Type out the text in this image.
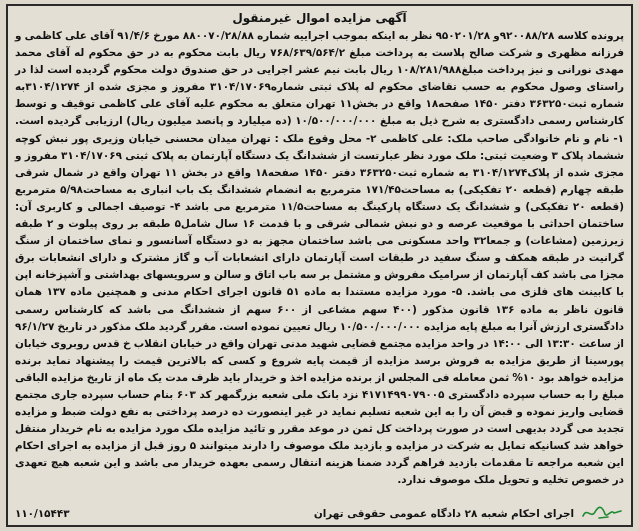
آگهی مزایده اموال غیرمنقول

پرونده کلاسه ۹۲۰۰۸۸/۲۸و ۹۵۰۲۰۱/۲۸ نظر به اینکه بموجب اجراییه شماره ۸۸۰۰۷۰/۲۸/۸۸ مورخ ۹۱/۴/۶ آقای علی کاظمی و فرزانه مظهری و شرکت صالح پلاست به پرداخت مبلغ ۷۶۸/۶۳۹/۵۶۴/۲ ریال بابت محکوم به در حق محکوم له آقای محمد مهدی نورانی و نیز پرداخت مبلغ۱۰۸/۲۸۱/۹۸۸ ریال بابت نیم عشر اجرایی در حق صندوق دولت محکوم گردیده است لذا در راستای وصول محکوم به حسب تقاضای محکوم له پلاک ثبتی شماره۳۱۰۴/۱۷۰۶۹ مفروز و مجزی شده از ۳۱۰۴/۱۲۷۴به شماره ثبت۳۶۳۲۵۰ دفتر ۱۴۵۰ صفحه۱۸ واقع در بخش۱۱ تهران متعلق به محکوم علیه آقای علی کاظمی توقیف و توسط کارشناس رسمی دادگستری به شرح ذیل به مبلغ ۱۰/۵۰۰/۰۰۰/۰۰۰ (ده میلیارد و پانصد میلیون ریال) ارزیابی گردیده است. ۱- نام و نام خانوادگی صاحب ملک: علی کاظمی ۲- محل وقوع ملک : تهران میدان محسنی خیابان وزیری پور نبش کوچه ششماد پلاک ۳ وضعیت ثبتی: ملک مورد نظر عبارتست از ششدانگ یک دستگاه آپارتمان به پلاک ثبتی ۳۱۰۴/۱۷۰۶۹ مفروز و مجزی شده از پلاک۳۱۰۴/۱۲۷۴ به شماره ثبت۳۶۳۲۵۰ دفتر ۱۴۵۰ صفحه۱۸ واقع در بخش ۱۱ تهران واقع در شمال شرقی طبقه چهارم (قطعه ۲۰ تفکیکی) به مساحت۱۷۱/۴۵ مترمربع به انضمام ششدانگ یک باب انباری به مساحت۵/۹۸ مترمربع (قطعه ۲۰ تفکیکی) و ششدانگ یک دستگاه پارکینگ به مساحت۱۱/۵ مترمربع می باشد ۴- توصیف اجمالی و کاربری آن: ساختمان احداثی با موقعیت عرصه و دو نبش شمالی شرقی و با قدمت ۱۶ سال شامل۵ طبقه بر روی پیلوت و ۲ طبقه زیرزمین (مشاعات) و جمعا۳۲ واحد مسکونی می باشد ساختمان مجهز به دو دستگاه آسانسور و نمای ساختمان از سنگ گرانیت در طبقه همکف و سنگ سفید در طبقات است آپارتمان دارای انشعابات آب و گاز مشترک و دارای انشعابات برق مجزا می باشد کف آپارتمان از سرامیک مفروش و مشتمل بر سه باب اتاق و سالن و سرویسهای بهداشتی و آشپزخانه اپن با کابینت های فلزی می باشد. ۵- مورد مزایده مستندا به ماده ۵۱ قانون اجرای احکام مدنی و همچنین ماده ۱۳۷ همان قانون ناظر به ماده ۱۳۶ قانون مذکور (۴۰۰ سهم مشاعی از ۶۰۰ سهم از ششدانگ می باشد که کارشناس رسمی دادگستری ارزش آنرا به مبلغ پایه مزایده ۱۰/۵۰۰/۰۰۰/۰۰۰ ریال تعیین نموده است. مقرر گردید ملک مذکور در تاریخ ۹۶/۱/۲۷ از ساعت ۱۳:۳۰ الی ۱۴:۰۰ در واحد مزایده مجتمع قضایی شهید مدنی تهران واقع در خیابان انقلاب خ قدس روبروی خیابان پورسینا از طریق مزایده به فروش برسد مزایده از قیمت پایه شروع و کسی که بالاترین قیمت را پیشنهاد نماید برنده مزایده خواهد بود ۱۰% ثمن معامله فی المجلس از برنده مزایده اخذ و خریدار باید ظرف مدت یک ماه از تاریخ مزایده الباقی مبلغ را به حساب سپرده دادگستری ۴۱۷۱۴۹۹۰۷۹۰۰۵ نزد بانک ملی شعبه بزرگمهر کد ۶۰۳ بنام حساب سپرده جاری مجتمع قضایی واریز نموده و قبض آن را به این شعبه تسلیم نماید در غیر اینصورت ده درصد پرداختی به نفع دولت ضبط و مزایده تجدید می گردد بدیهی است در صورت پرداخت کل ثمن در موعد مقرر و تائید مزایده ملک مورد مزایده به نام خریدار منتقل خواهد شد کسانیکه تمایل به شرکت در مزایده و بازدید ملک موصوف را دارند میتوانند ۵ روز قبل از مزایده به اجرای احکام این شعبه مراجعه تا مقدمات بازدید فراهم گردد ضمنا هزینه انتقال رسمی بعهده خریدار می باشد و این شعبه هیچ تعهدی در خصوص تخلیه و تحویل ملک موصوف ندارد.

اجرای احکام شعبه ۲۸ دادگاه عمومی حقوقی تهران
۱۱۰/۱۵۴۴۳
